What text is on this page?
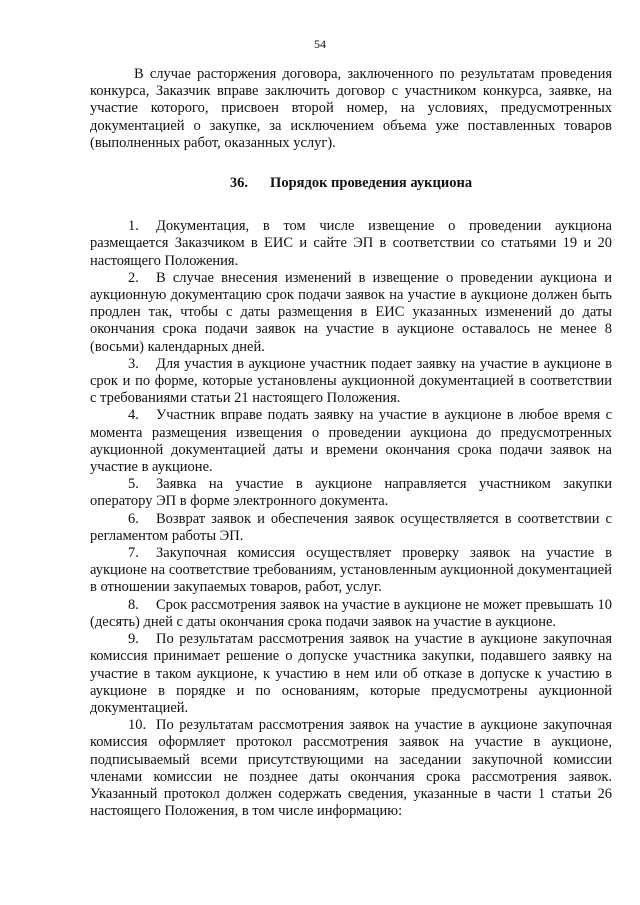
54

В случае расторжения договора, заключенного по результатам проведения конкурса, Заказчик вправе заключить договор с участником конкурса, заявке, на участие которого, присвоен второй номер, на условиях, предусмотренных документацией о закупке, за исключением объема уже поставленных товаров (выполненных работ, оказанных услуг).

36. Порядок проведения аукциона

1. Документация, в том числе извещение о проведении аукциона размещается Заказчиком в ЕИС и сайте ЭП в соответствии со статьями 19 и 20 настоящего Положения.

2. В случае внесения изменений в извещение о проведении аукциона и аукционную документацию срок подачи заявок на участие в аукционе должен быть продлен так, чтобы с даты размещения в ЕИС указанных изменений до даты окончания срока подачи заявок на участие в аукционе оставалось не менее 8 (восьми) календарных дней.

3. Для участия в аукционе участник подает заявку на участие в аукционе в срок и по форме, которые установлены аукционной документацией в соответствии с требованиями статьи 21 настоящего Положения.

4. Участник вправе подать заявку на участие в аукционе в любое время с момента размещения извещения о проведении аукциона до предусмотренных аукционной документацией даты и времени окончания срока подачи заявок на участие в аукционе.

5. Заявка на участие в аукционе направляется участником закупки оператору ЭП в форме электронного документа.

6. Возврат заявок и обеспечения заявок осуществляется в соответствии с регламентом работы ЭП.

7. Закупочная комиссия осуществляет проверку заявок на участие в аукционе на соответствие требованиям, установленным аукционной документацией в отношении закупаемых товаров, работ, услуг.

8. Срок рассмотрения заявок на участие в аукционе не может превышать 10 (десять) дней с даты окончания срока подачи заявок на участие в аукционе.

9. По результатам рассмотрения заявок на участие в аукционе закупочная комиссия принимает решение о допуске участника закупки, подавшего заявку на участие в таком аукционе, к участию в нем или об отказе в допуске к участию в аукционе в порядке и по основаниям, которые предусмотрены аукционной документацией.

10. По результатам рассмотрения заявок на участие в аукционе закупочная комиссия оформляет протокол рассмотрения заявок на участие в аукционе, подписываемый всеми присутствующими на заседании закупочной комиссии членами комиссии не позднее даты окончания срока рассмотрения заявок. Указанный протокол должен содержать сведения, указанные в части 1 статьи 26 настоящего Положения, в том числе информацию:
